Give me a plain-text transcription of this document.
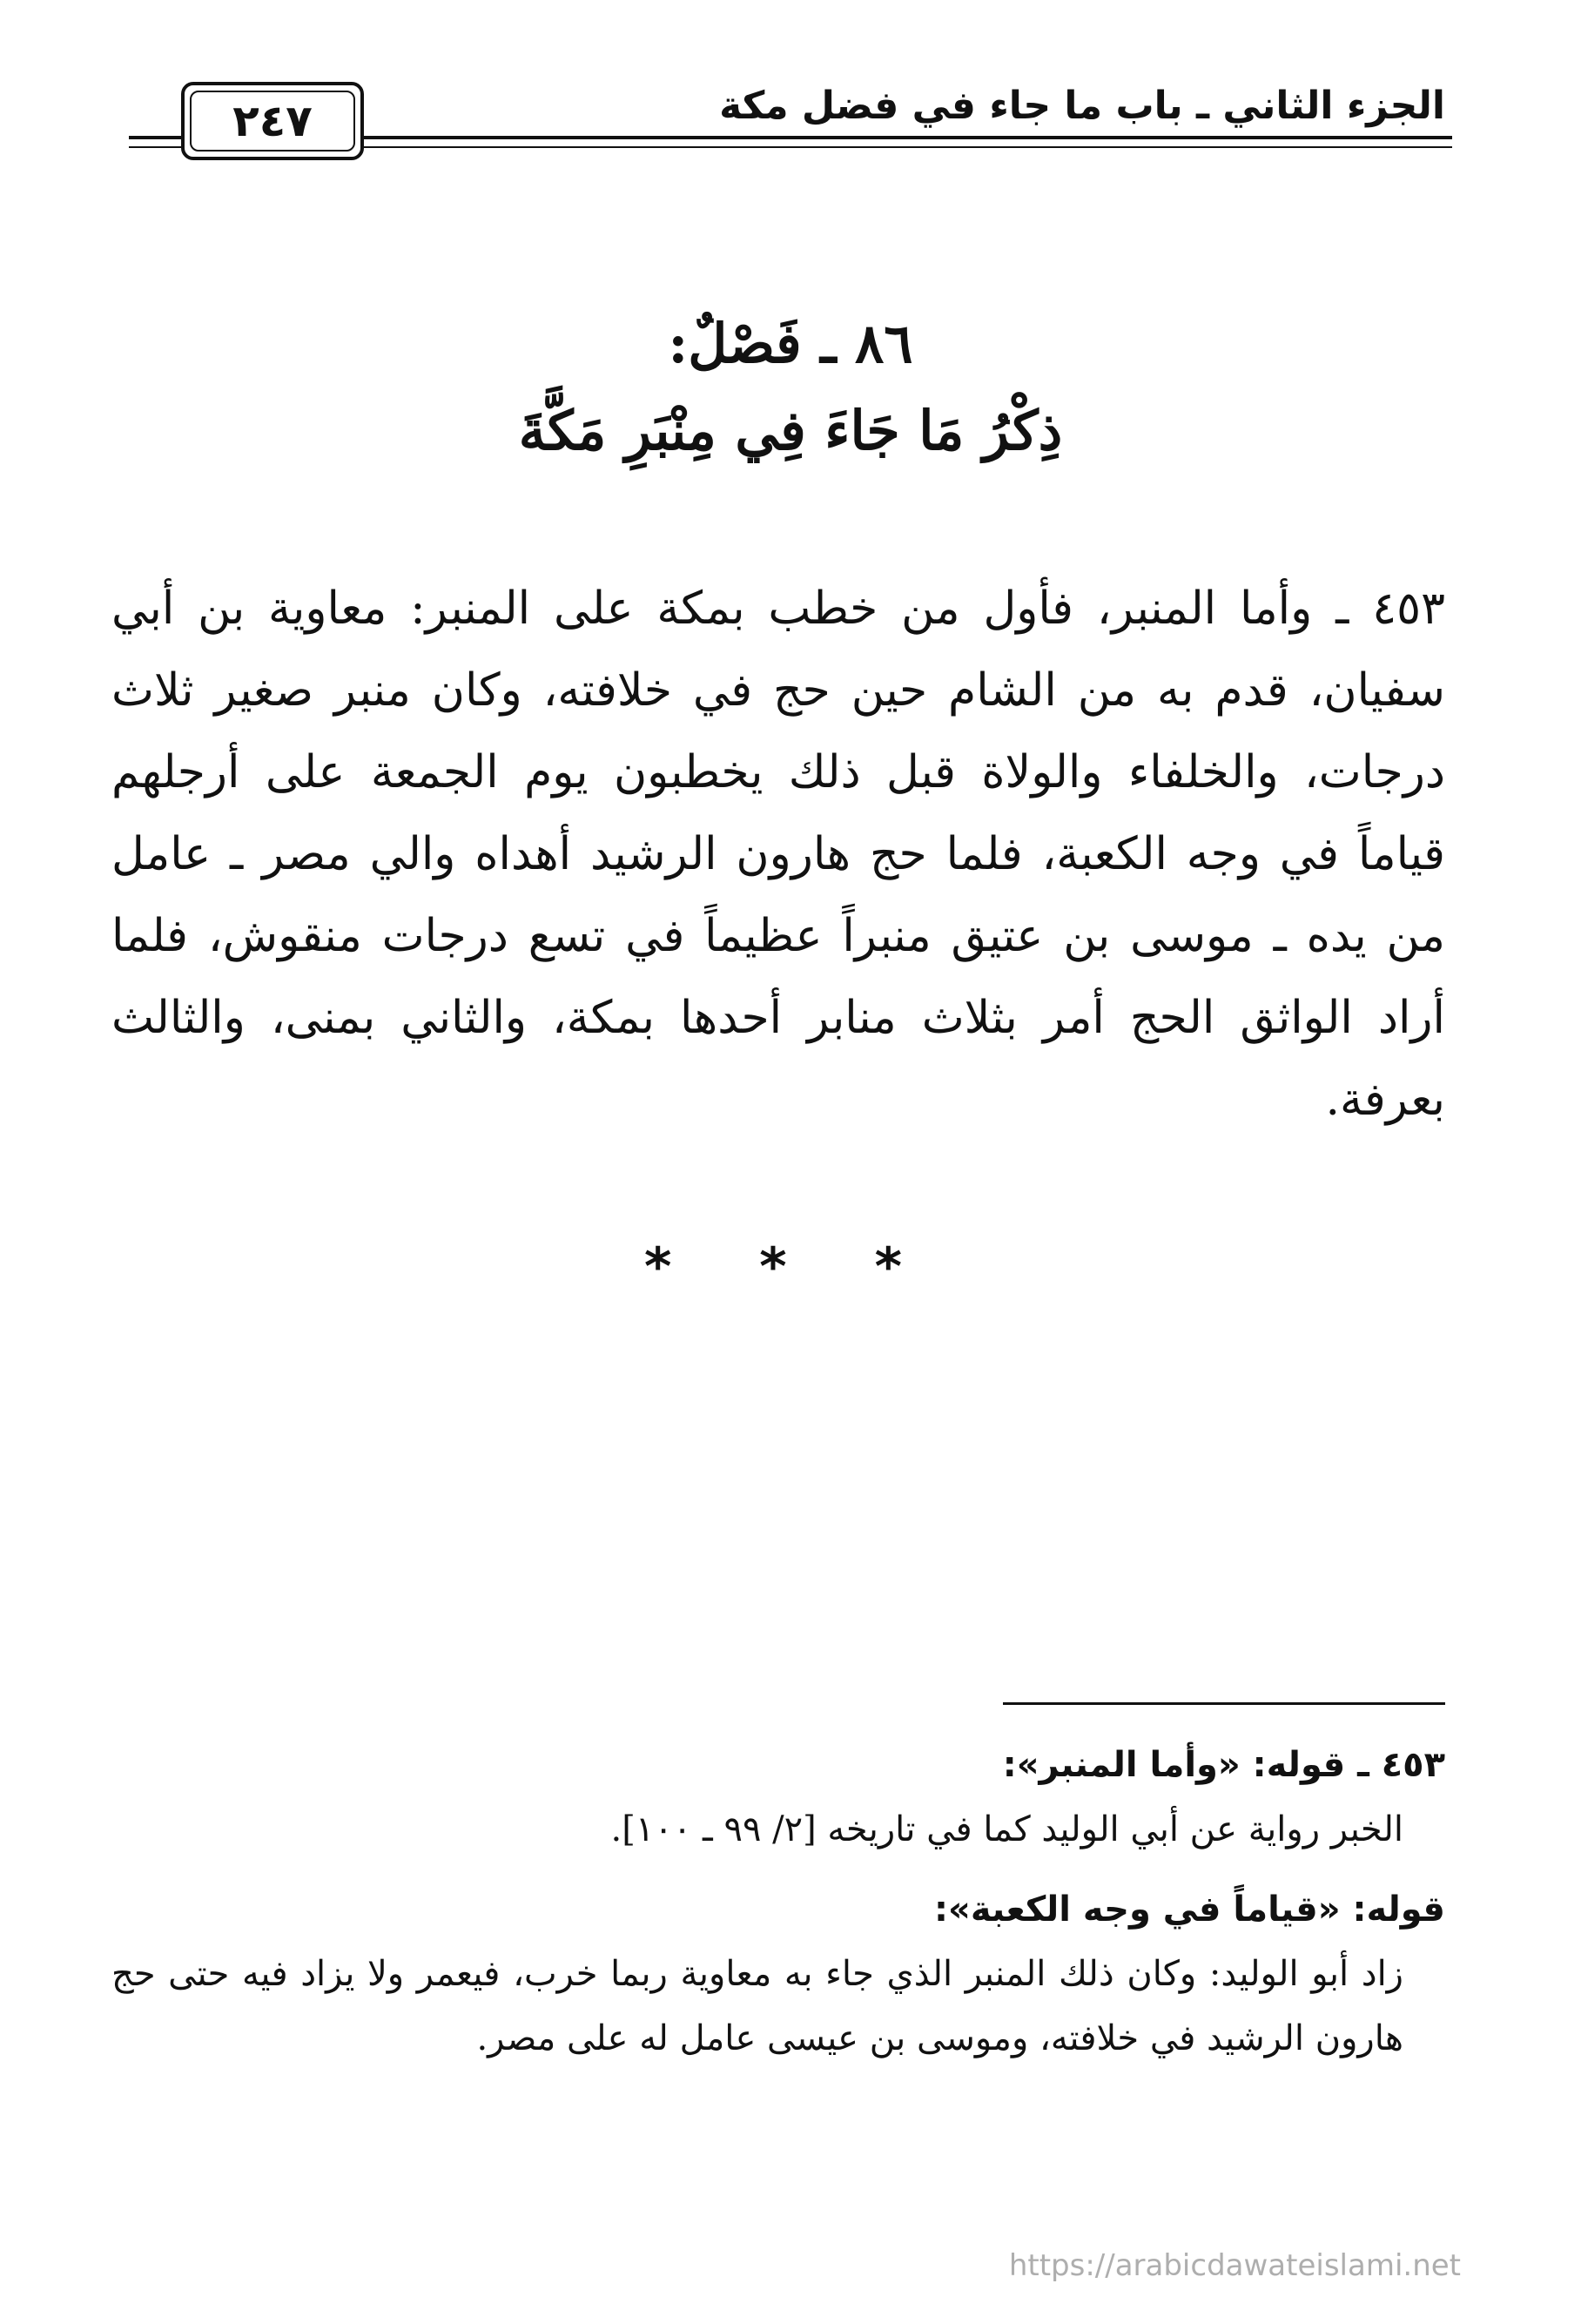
الجزء الثاني ـ باب ما جاء في فضل مكة
٢٤٧
٨٦ ـ فَصْلٌ:
ذِكْرُ مَا جَاءَ فِي مِنْبَرِ مَكَّةَ
٤٥٣ ـ وأما المنبر، فأول من خطب بمكة على المنبر: معاوية بن أبي سفيان، قدم به من الشام حين حج في خلافته، وكان منبر صغير ثلاث درجات، والخلفاء والولاة قبل ذلك يخطبون يوم الجمعة على أرجلهم قياماً في وجه الكعبة، فلما حج هارون الرشيد أهداه والي مصر ـ عامل من يده ـ موسى بن عتيق منبراً عظيماً في تسع درجات منقوش، فلما أراد الواثق الحج أمر بثلاث منابر أحدها بمكة، والثاني بمنى، والثالث بعرفة.
* * *
٤٥٣ ـ قوله: «وأما المنبر»:
الخبر رواية عن أبي الوليد كما في تاريخه [٢/ ٩٩ ـ ١٠٠].
قوله: «قياماً في وجه الكعبة»:
زاد أبو الوليد: وكان ذلك المنبر الذي جاء به معاوية ربما خرب، فيعمر ولا يزاد فيه حتى حج هارون الرشيد في خلافته، وموسى بن عيسى عامل له على مصر.
https://arabicdawateislami.net
